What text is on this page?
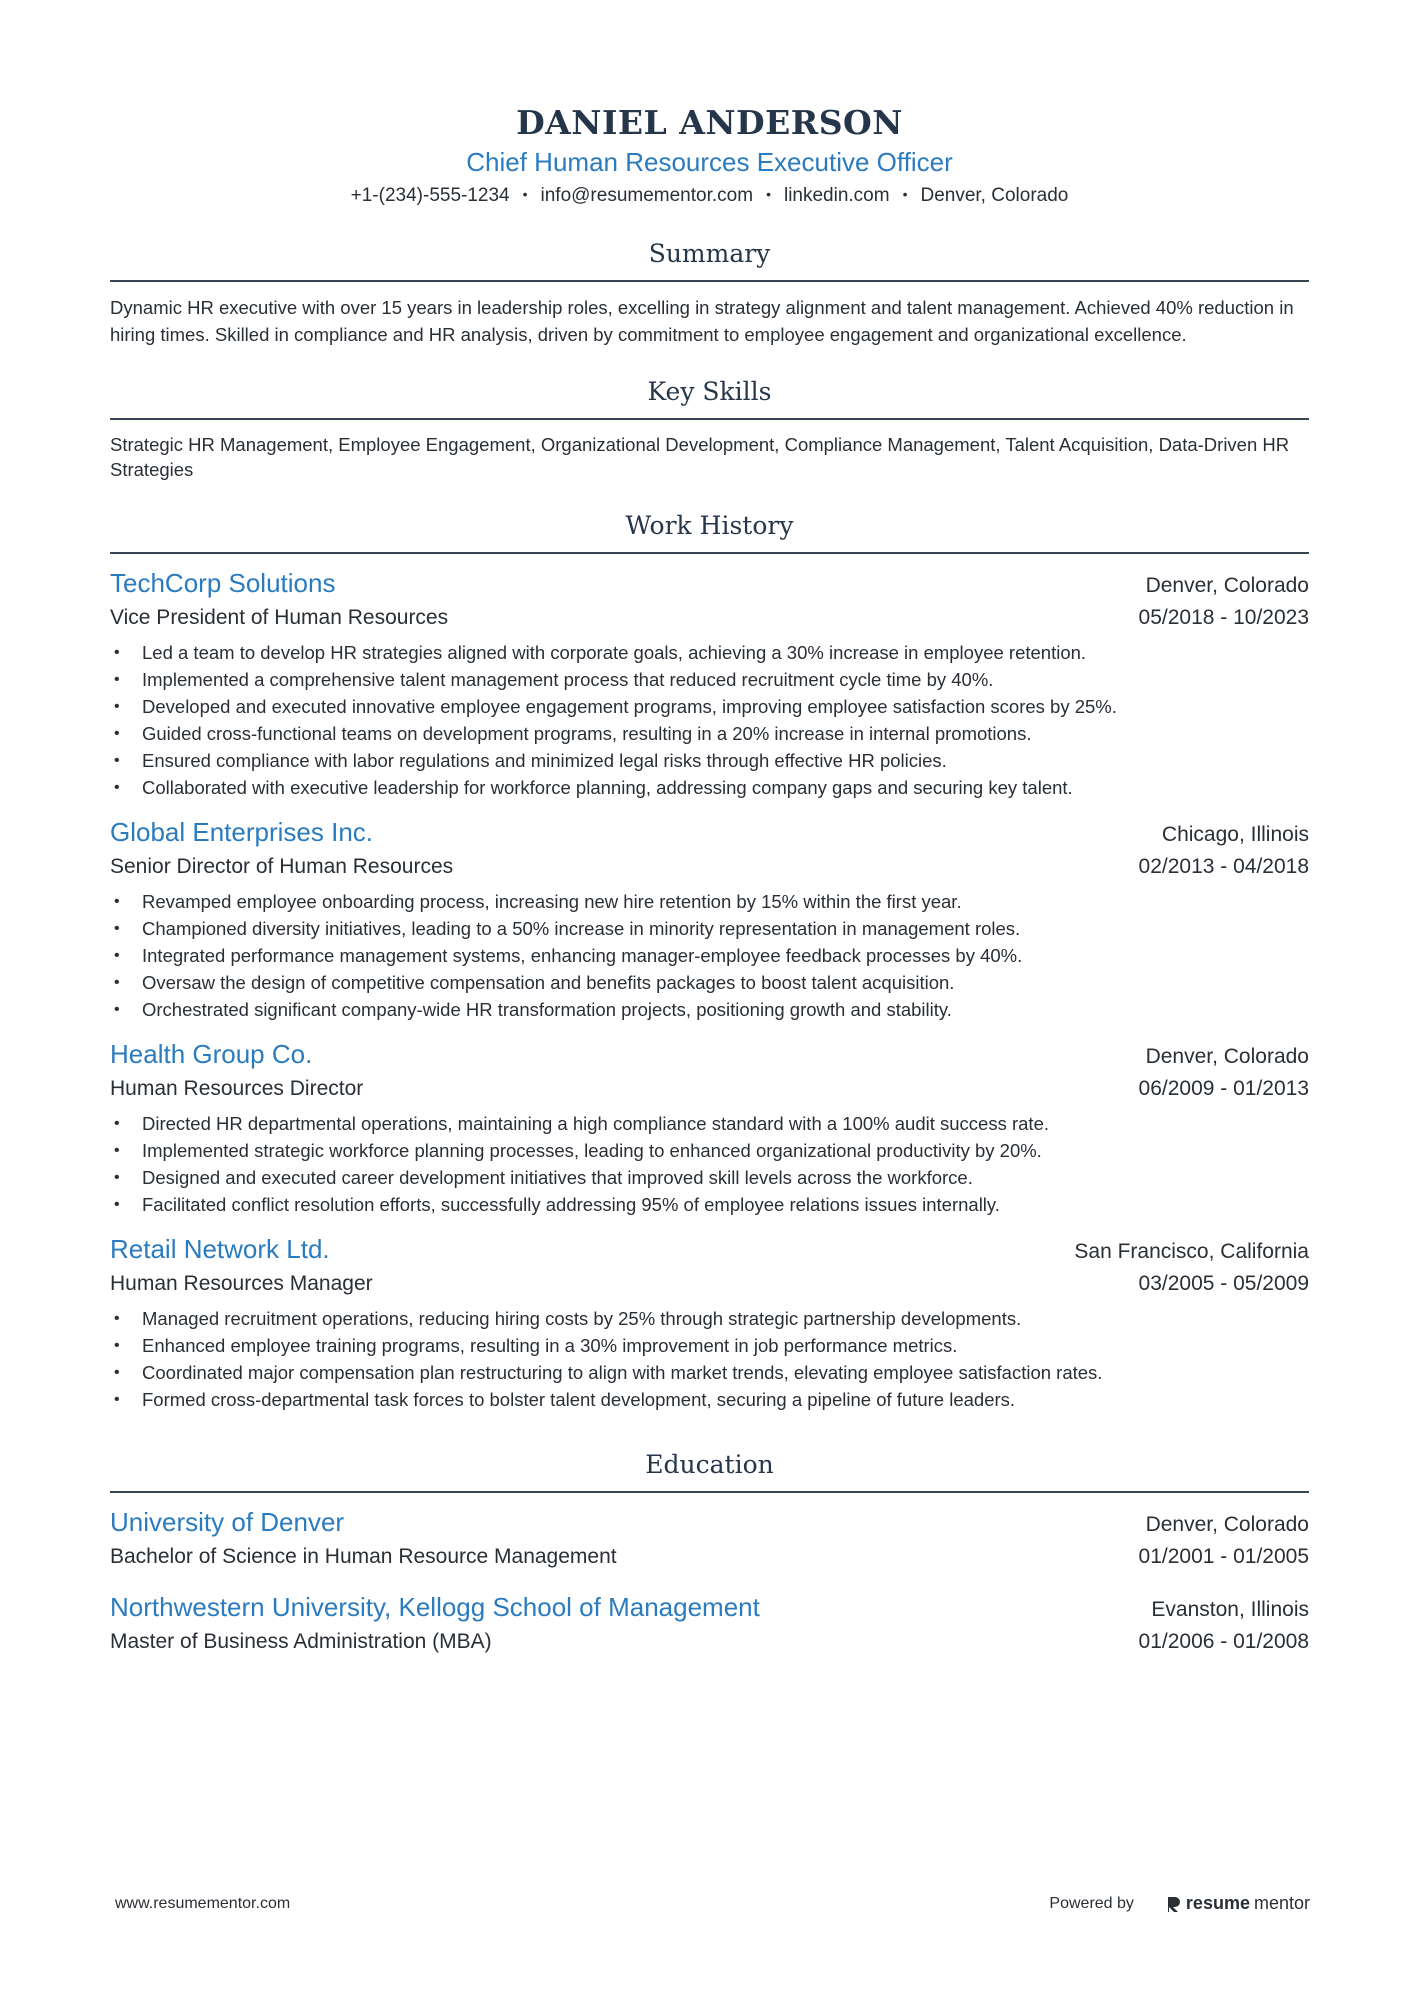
DANIEL ANDERSON
Chief Human Resources Executive Officer
+1-(234)-555-1234 • info@resumementor.com • linkedin.com • Denver, Colorado
Summary
Dynamic HR executive with over 15 years in leadership roles, excelling in strategy alignment and talent management. Achieved 40% reduction in hiring times. Skilled in compliance and HR analysis, driven by commitment to employee engagement and organizational excellence.
Key Skills
Strategic HR Management, Employee Engagement, Organizational Development, Compliance Management, Talent Acquisition, Data-Driven HR Strategies
Work History
TechCorp Solutions	Denver, Colorado
Vice President of Human Resources	05/2018 - 10/2023
• Led a team to develop HR strategies aligned with corporate goals, achieving a 30% increase in employee retention.
• Implemented a comprehensive talent management process that reduced recruitment cycle time by 40%.
• Developed and executed innovative employee engagement programs, improving employee satisfaction scores by 25%.
• Guided cross-functional teams on development programs, resulting in a 20% increase in internal promotions.
• Ensured compliance with labor regulations and minimized legal risks through effective HR policies.
• Collaborated with executive leadership for workforce planning, addressing company gaps and securing key talent.
Global Enterprises Inc.	Chicago, Illinois
Senior Director of Human Resources	02/2013 - 04/2018
• Revamped employee onboarding process, increasing new hire retention by 15% within the first year.
• Championed diversity initiatives, leading to a 50% increase in minority representation in management roles.
• Integrated performance management systems, enhancing manager-employee feedback processes by 40%.
• Oversaw the design of competitive compensation and benefits packages to boost talent acquisition.
• Orchestrated significant company-wide HR transformation projects, positioning growth and stability.
Health Group Co.	Denver, Colorado
Human Resources Director	06/2009 - 01/2013
• Directed HR departmental operations, maintaining a high compliance standard with a 100% audit success rate.
• Implemented strategic workforce planning processes, leading to enhanced organizational productivity by 20%.
• Designed and executed career development initiatives that improved skill levels across the workforce.
• Facilitated conflict resolution efforts, successfully addressing 95% of employee relations issues internally.
Retail Network Ltd.	San Francisco, California
Human Resources Manager	03/2005 - 05/2009
• Managed recruitment operations, reducing hiring costs by 25% through strategic partnership developments.
• Enhanced employee training programs, resulting in a 30% improvement in job performance metrics.
• Coordinated major compensation plan restructuring to align with market trends, elevating employee satisfaction rates.
• Formed cross-departmental task forces to bolster talent development, securing a pipeline of future leaders.
Education
University of Denver	Denver, Colorado
Bachelor of Science in Human Resource Management	01/2001 - 01/2005
Northwestern University, Kellogg School of Management	Evanston, Illinois
Master of Business Administration (MBA)	01/2006 - 01/2008
www.resumementor.com	Powered by	resume mentor
